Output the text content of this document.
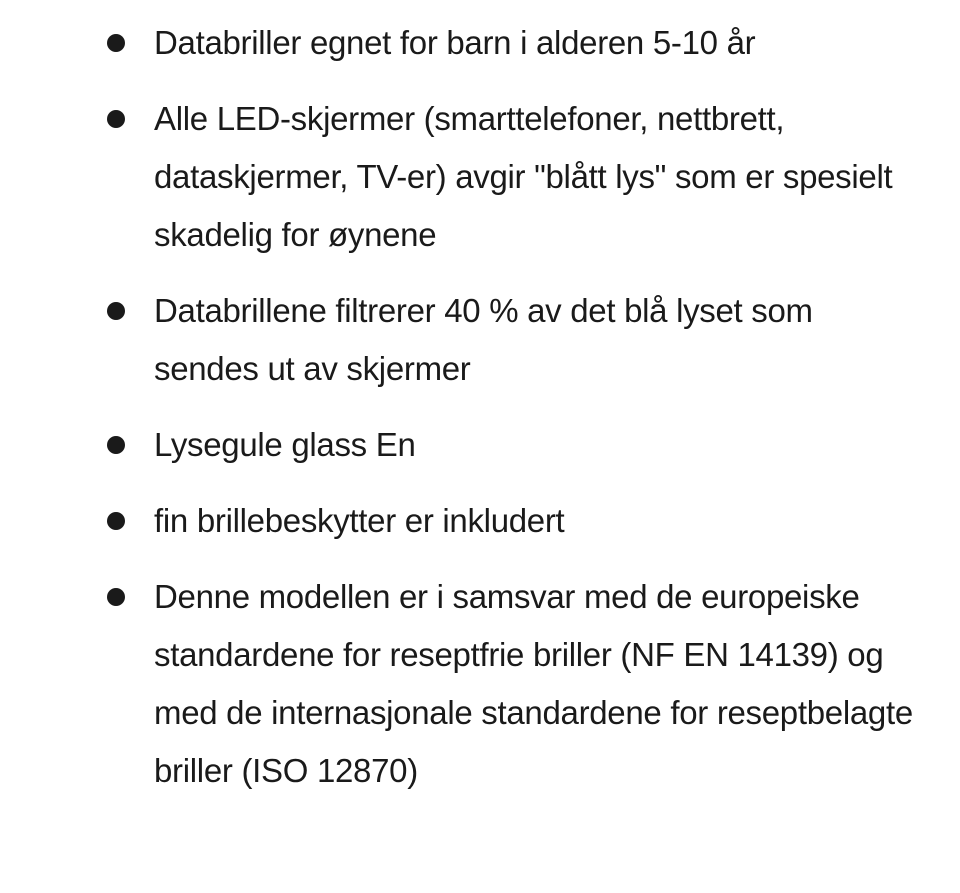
Databriller egnet for barn i alderen 5-10 år
Alle LED-skjermer (smarttelefoner, nettbrett, dataskjermer, TV-er) avgir "blått lys" som er spesielt skadelig for øynene
Databrillene filtrerer 40 % av det blå lyset som sendes ut av skjermer
Lysegule glass En
fin brillebeskytter er inkludert
Denne modellen er i samsvar med de europeiske standardene for reseptfrie briller (NF EN 14139) og med de internasjonale standardene for reseptbelagte briller (ISO 12870)
